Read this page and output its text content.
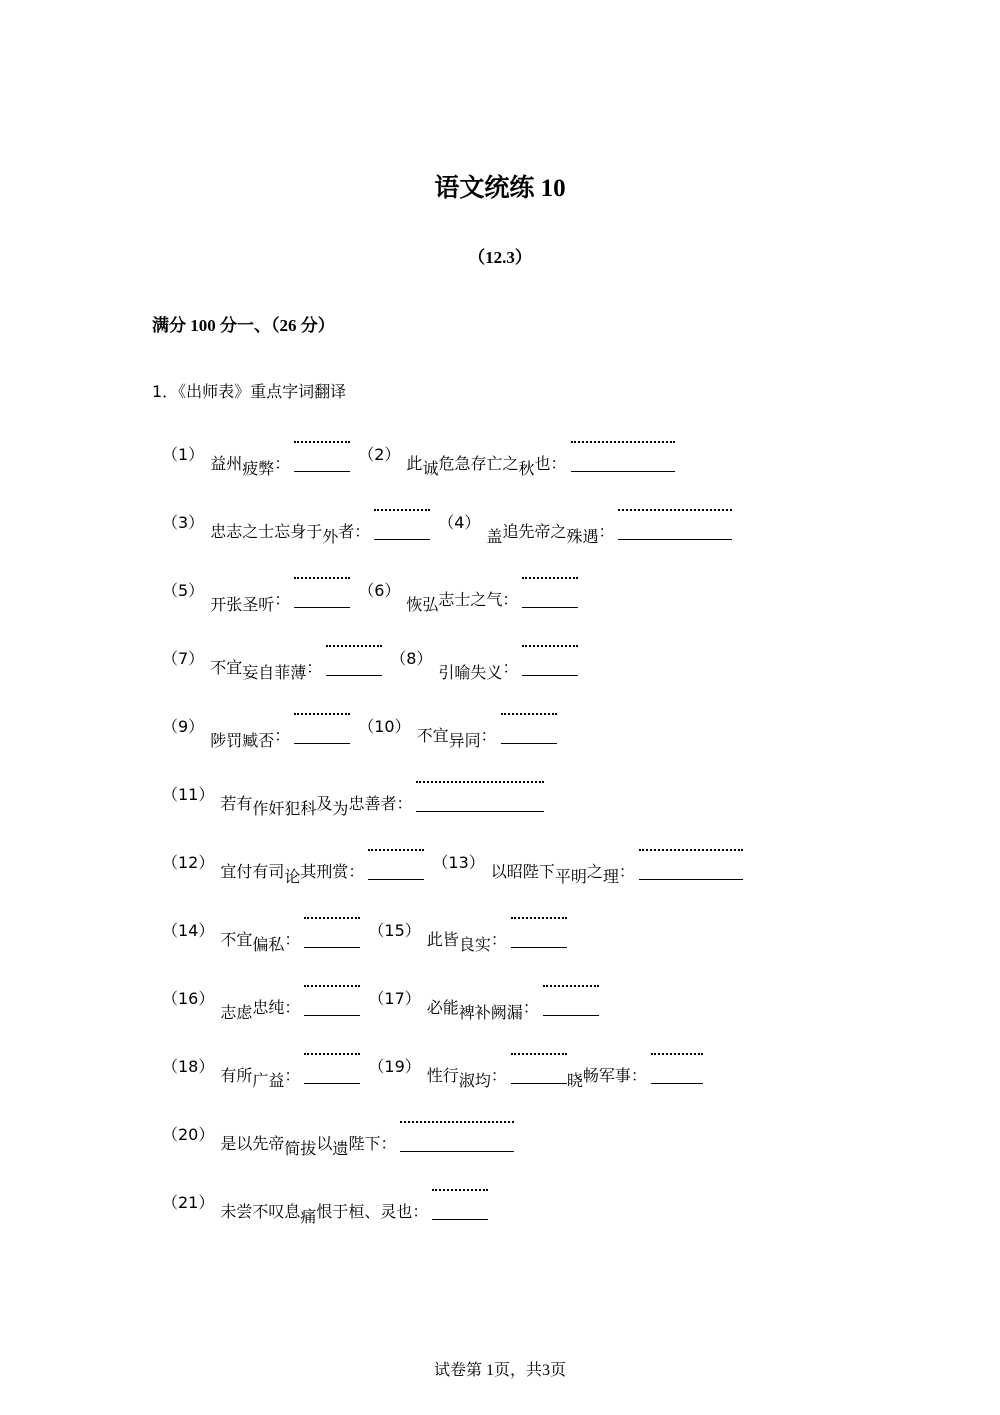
语文统练 10
（12.3）
满分 100 分一、（26 分）
1．《出师表》重点字词翻译
（1） 益州疲弊：	（2） 此诚危急存亡之秋也：
（3） 忠志之士忘身于外者：	（4）
盖追先帝之殊遇：
（5）
开张圣听：	（6）
恢弘志士之气：
（7） 不宜妄自菲薄：	（8）
引喻失义：
（9）
陟罚臧否：	（10） 不宜异同：
（11） 若有作奸犯科及为忠善者：
（12） 宜付有司论其刑赏：	（13） 以昭陛下平明之理：
（14） 不宜偏私：	（15） 此皆良实：
（16）
志虑忠纯：	（17） 必能裨补阙漏：
（18） 有所广益：	（19） 性行淑均：	晓畅军事：
（20） 是以先帝简拔以遗陛下：
（21） 未尝不叹息痛恨于桓、灵也：
试卷第 1页，共3页
